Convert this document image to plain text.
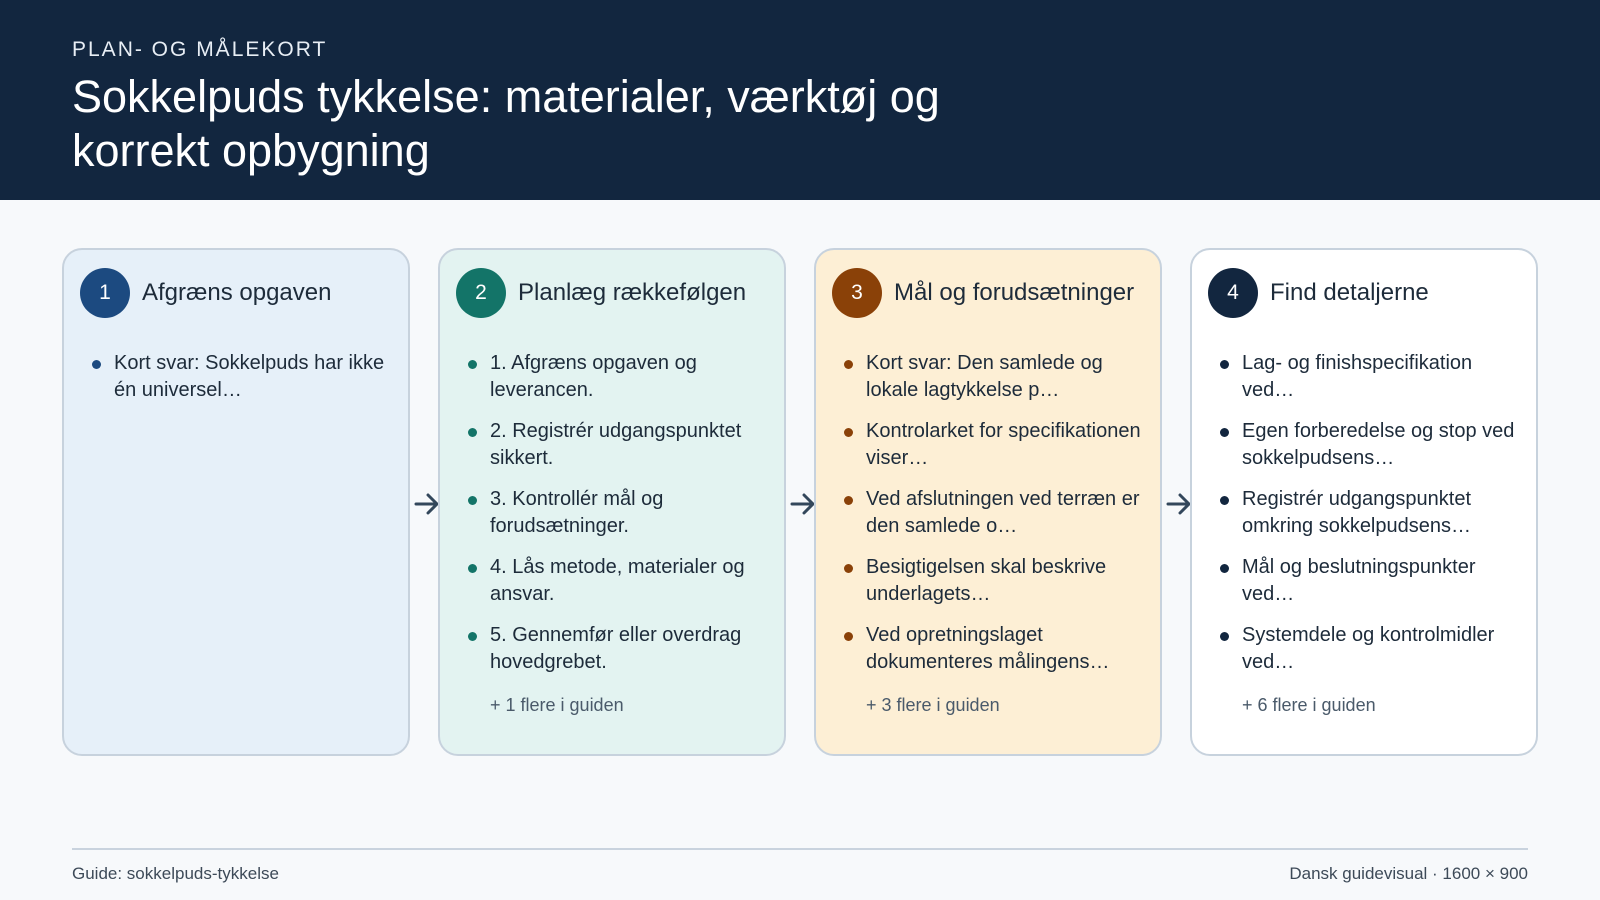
PLAN- OG MÅLEKORT
Sokkelpuds tykkelse: materialer, værktøj og korrekt opbygning
1	Afgræns opgaven
Kort svar: Sokkelpuds har ikke én universel…
2	Planlæg rækkefølgen
1. Afgræns opgaven og leverancen.
2. Registrér udgangspunktet sikkert.
3. Kontrollér mål og forudsætninger.
4. Lås metode, materialer og ansvar.
5. Gennemfør eller overdrag hovedgrebet.
+ 1 flere i guiden
3	Mål og forudsætninger
Kort svar: Den samlede og lokale lagtykkelse p…
Kontrolarket for specifikationen viser…
Ved afslutningen ved terræn er den samlede o…
Besigtigelsen skal beskrive underlagets…
Ved opretningslaget dokumenteres målingens…
+ 3 flere i guiden
4	Find detaljerne
Lag- og finishspecifikation ved…
Egen forberedelse og stop ved sokkelpudsens…
Registrér udgangspunktet omkring sokkelpudsens…
Mål og beslutningspunkter ved…
Systemdele og kontrolmidler ved…
+ 6 flere i guiden
Guide: sokkelpuds-tykkelse	Dansk guidevisual · 1600 × 900
